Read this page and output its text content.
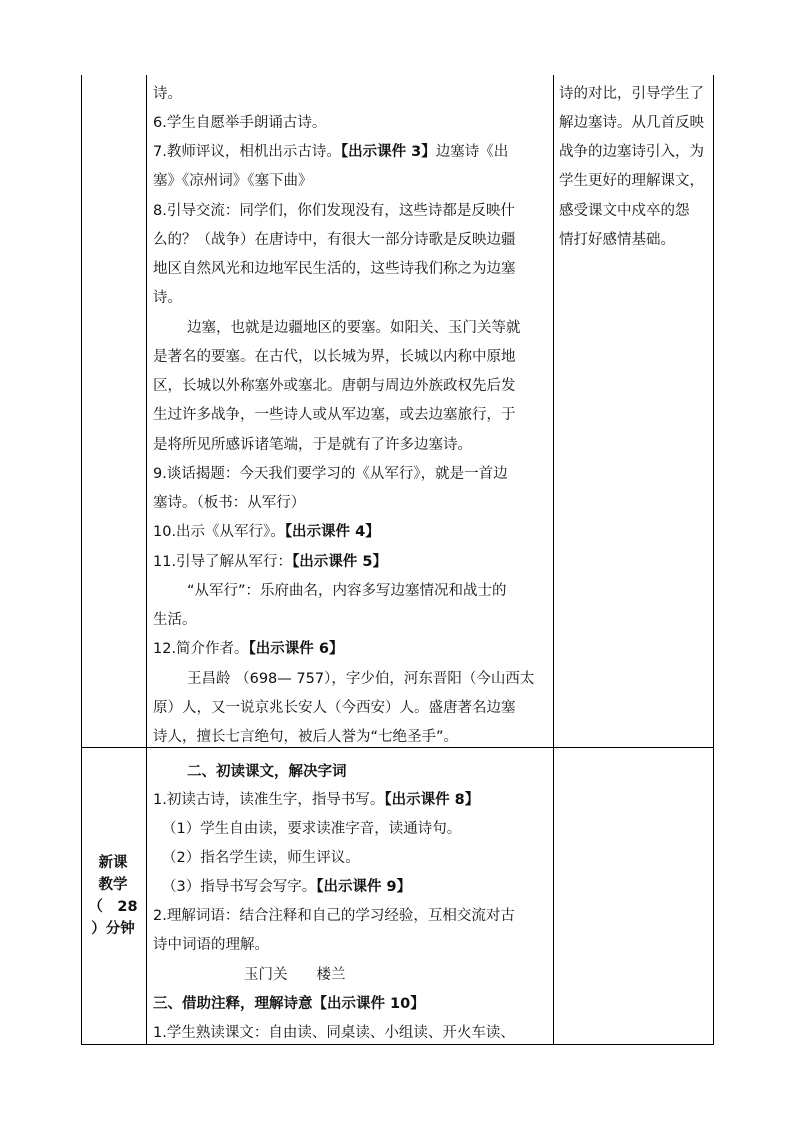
诗。
6.学生自愿举手朗诵古诗。
7.教师评议，相机出示古诗。【出示课件 3】边塞诗《出
塞》《凉州词》《塞下曲》
8.引导交流：同学们，你们发现没有，这些诗都是反映什
么的？（战争）在唐诗中，有很大一部分诗歌是反映边疆
地区自然风光和边地军民生活的，这些诗我们称之为边塞
诗。
边塞，也就是边疆地区的要塞。如阳关、玉门关等就
是著名的要塞。在古代，以长城为界，长城以内称中原地
区，长城以外称塞外或塞北。唐朝与周边外族政权先后发
生过许多战争，一些诗人或从军边塞，或去边塞旅行，于
是将所见所感诉诸笔端，于是就有了许多边塞诗。
9.谈话揭题：今天我们要学习的《从军行》，就是一首边
塞诗。（板书：从军行）
10.出示《从军行》。【出示课件 4】
11.引导了解从军行：【出示课件 5】
“从军行”：乐府曲名，内容多写边塞情况和战士的
生活。
12.简介作者。【出示课件 6】
王昌龄 （698— 757），字少伯，河东晋阳（今山西太
原）人，又一说京兆长安人（今西安）人。盛唐著名边塞
诗人，擅长七言绝句，被后人誉为“七绝圣手”。
诗的对比，引导学生了
解边塞诗。从几首反映
战争的边塞诗引入，为
学生更好的理解课文，
感受课文中戍卒的怨
情打好感情基础。
新课
教学
（　28
）分钟
二、初读课文，解决字词
1.初读古诗，读准生字，指导书写。【出示课件 8】
（1）学生自由读，要求读准字音，读通诗句。
（2）指名学生读，师生评议。
（3）指导书写会写字。【出示课件 9】
2.理解词语：结合注释和自己的学习经验，互相交流对古
诗中词语的理解。
玉门关　　楼兰
三、借助注释，理解诗意【出示课件 10】
1.学生熟读课文：自由读、同桌读、小组读、开火车读、
